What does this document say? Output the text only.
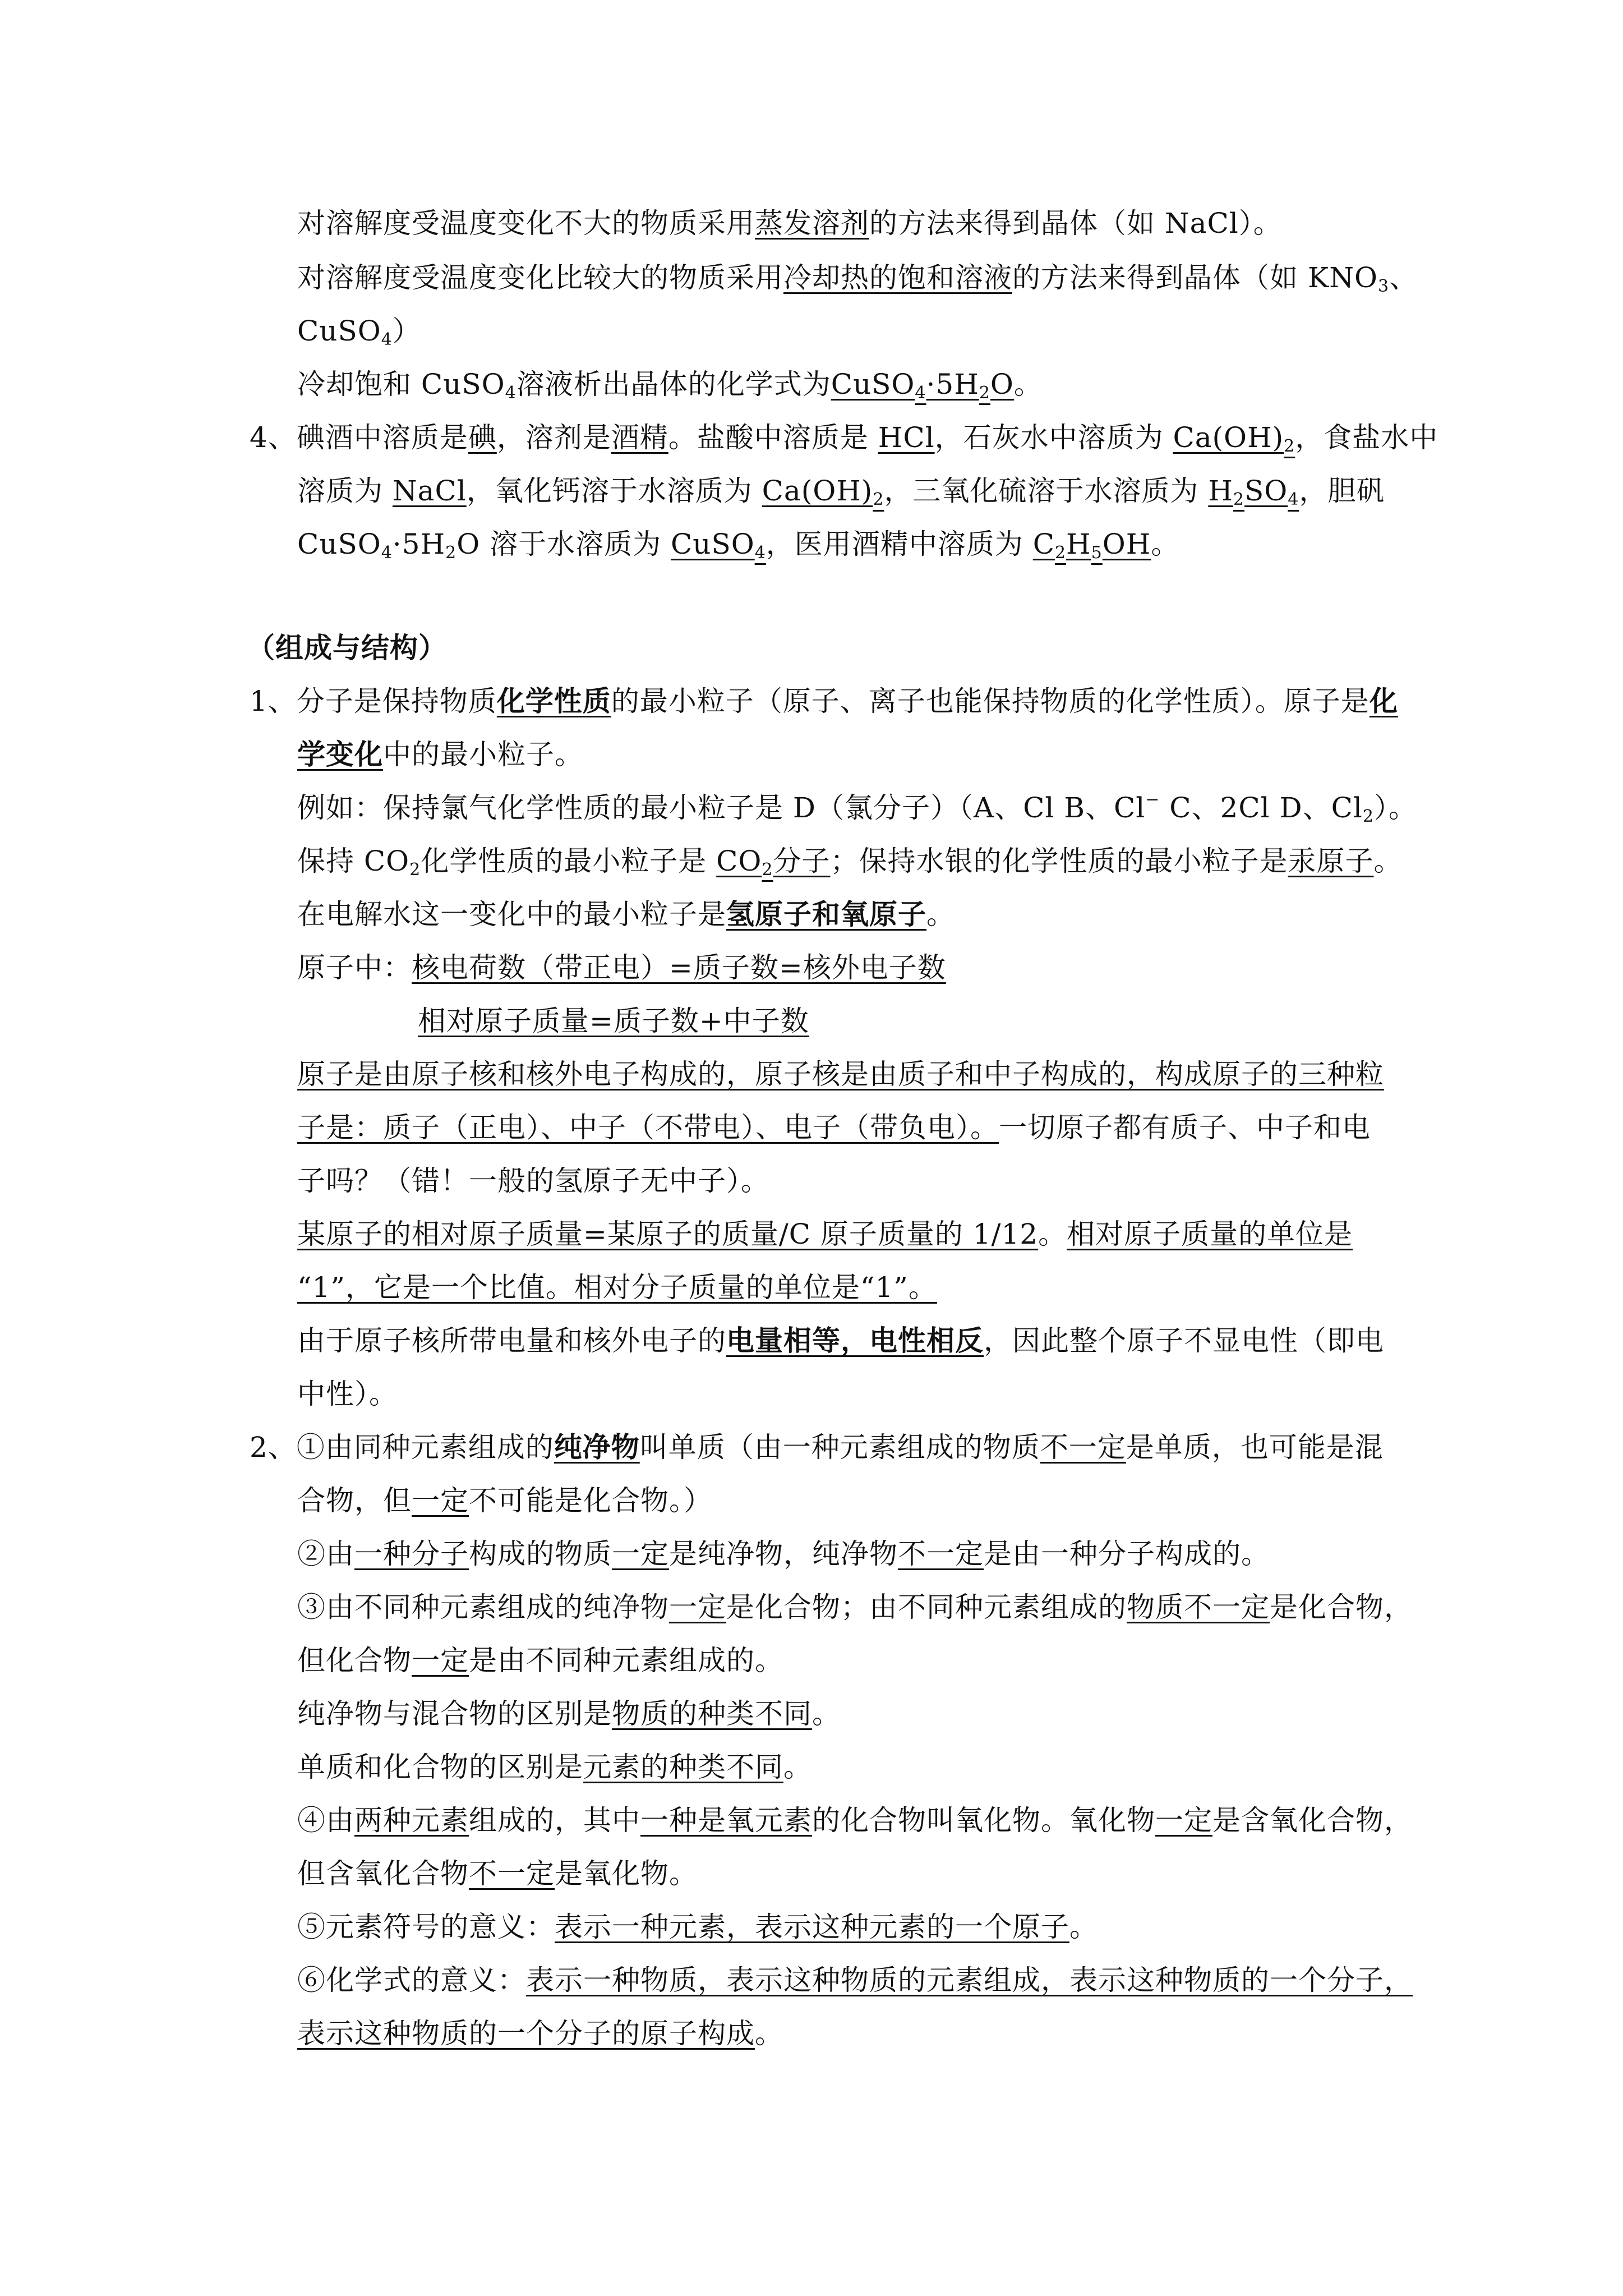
对溶解度受温度变化不大的物质采用蒸发溶剂的方法来得到晶体（如 NaCl）。
对溶解度受温度变化比较大的物质采用冷却热的饱和溶液的方法来得到晶体（如 $KNO_3$、
CuSO$_4$）
冷却饱和 CuSO$_4$溶液析出晶体的化学式为$CuSO_4\cdot 5H_2O$。
4、碘酒中溶质是碘，溶剂是酒精。盐酸中溶质是 HCl，石灰水中溶质为 $Ca(OH)_2$，食盐水中
溶质为 NaCl，氧化钙溶于水溶质为 $Ca(OH)_2$，三氧化硫溶于水溶质为 $H_2SO_4$，胆矾
$CuSO_4\cdot 5H_2O$ 溶于水溶质为 CuSO$_4$，医用酒精中溶质为 $C_2H_5OH$。
（组成与结构）
1、分子是保持物质化学性质的最小粒子（原子、离子也能保持物质的化学性质）。原子是化
学变化中的最小粒子。
例如：保持氯气化学性质的最小粒子是 D（氯分子）（A、Cl B、Cl− C、2Cl D、$Cl_2$）。
保持 $CO_2$化学性质的最小粒子是 $CO_2$分子；保持水银的化学性质的最小粒子是汞原子。
在电解水这一变化中的最小粒子是氢原子和氧原子。
原子中：核电荷数（带正电）=质子数=核外电子数
相对原子质量=质子数+中子数
原子是由原子核和核外电子构成的，原子核是由质子和中子构成的，构成原子的三种粒
子是：质子（正电）、中子（不带电）、电子（带负电）。一切原子都有质子、中子和电
子吗？（错！一般的氢原子无中子）。
某原子的相对原子质量=某原子的质量/C 原子质量的 1/12。相对原子质量的单位是
“1”，它是一个比值。相对分子质量的单位是“1”。
由于原子核所带电量和核外电子的电量相等，电性相反，因此整个原子不显电性（即电
中性）。
2、①由同种元素组成的纯净物叫单质（由一种元素组成的物质不一定是单质，也可能是混
合物，但一定不可能是化合物。）
②由一种分子构成的物质一定是纯净物，纯净物不一定是由一种分子构成的。
③由不同种元素组成的纯净物一定是化合物；由不同种元素组成的物质不一定是化合物，
但化合物一定是由不同种元素组成的。
纯净物与混合物的区别是物质的种类不同。
单质和化合物的区别是元素的种类不同。
④由两种元素组成的，其中一种是氧元素的化合物叫氧化物。氧化物一定是含氧化合物，
但含氧化合物不一定是氧化物。
⑤元素符号的意义：表示一种元素，表示这种元素的一个原子。
⑥化学式的意义：表示一种物质，表示这种物质的元素组成，表示这种物质的一个分子，
表示这种物质的一个分子的原子构成。
